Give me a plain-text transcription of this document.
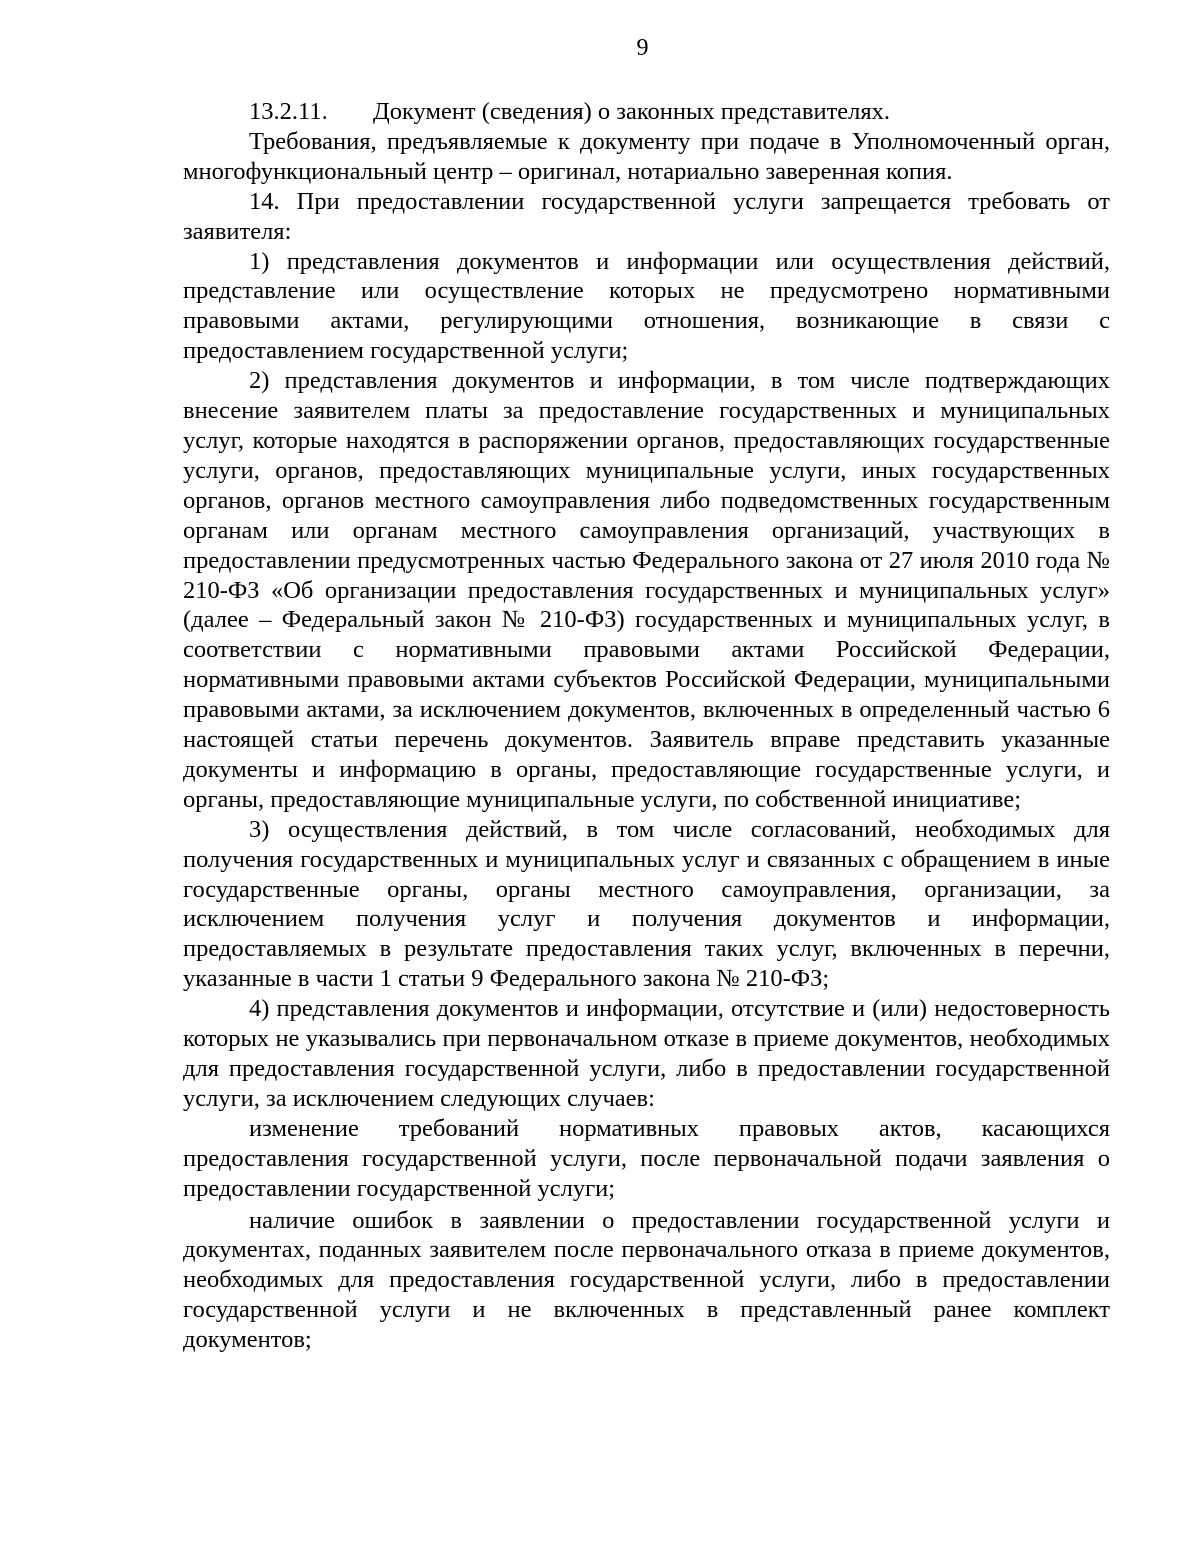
9

13.2.11. Документ (сведения) о законных представителях.

Требования, предъявляемые к документу при подаче в Уполномоченный орган, многофункциональный центр – оригинал, нотариально заверенная копия.

14. При предоставлении государственной услуги запрещается требовать от заявителя:

1) представления документов и информации или осуществления действий, представление или осуществление которых не предусмотрено нормативными правовыми актами, регулирующими отношения, возникающие в связи с предоставлением государственной услуги;

2) представления документов и информации, в том числе подтверждающих внесение заявителем платы за предоставление государственных и муниципальных услуг, которые находятся в распоряжении органов, предоставляющих государственные услуги, органов, предоставляющих муниципальные услуги, иных государственных органов, органов местного самоуправления либо подведомственных государственным органам или органам местного самоуправления организаций, участвующих в предоставлении предусмотренных частью Федерального закона от 27 июля 2010 года № 210-ФЗ «Об организации предоставления государственных и муниципальных услуг» (далее – Федеральный закон № 210-ФЗ) государственных и муниципальных услуг, в соответствии с нормативными правовыми актами Российской Федерации, нормативными правовыми актами субъектов Российской Федерации, муниципальными правовыми актами, за исключением документов, включенных в определенный частью 6 настоящей статьи перечень документов. Заявитель вправе представить указанные документы и информацию в органы, предоставляющие государственные услуги, и органы, предоставляющие муниципальные услуги, по собственной инициативе;

3) осуществления действий, в том числе согласований, необходимых для получения государственных и муниципальных услуг и связанных с обращением в иные государственные органы, органы местного самоуправления, организации, за исключением получения услуг и получения документов и информации, предоставляемых в результате предоставления таких услуг, включенных в перечни, указанные в части 1 статьи 9 Федерального закона № 210-ФЗ;

4) представления документов и информации, отсутствие и (или) недостоверность которых не указывались при первоначальном отказе в приеме документов, необходимых для предоставления государственной услуги, либо в предоставлении государственной услуги, за исключением следующих случаев:

изменение требований нормативных правовых актов, касающихся предоставления государственной услуги, после первоначальной подачи заявления о предоставлении государственной услуги;

наличие ошибок в заявлении о предоставлении государственной услуги и документах, поданных заявителем после первоначального отказа в приеме документов, необходимых для предоставления государственной услуги, либо в предоставлении государственной услуги и не включенных в представленный ранее комплект документов;
